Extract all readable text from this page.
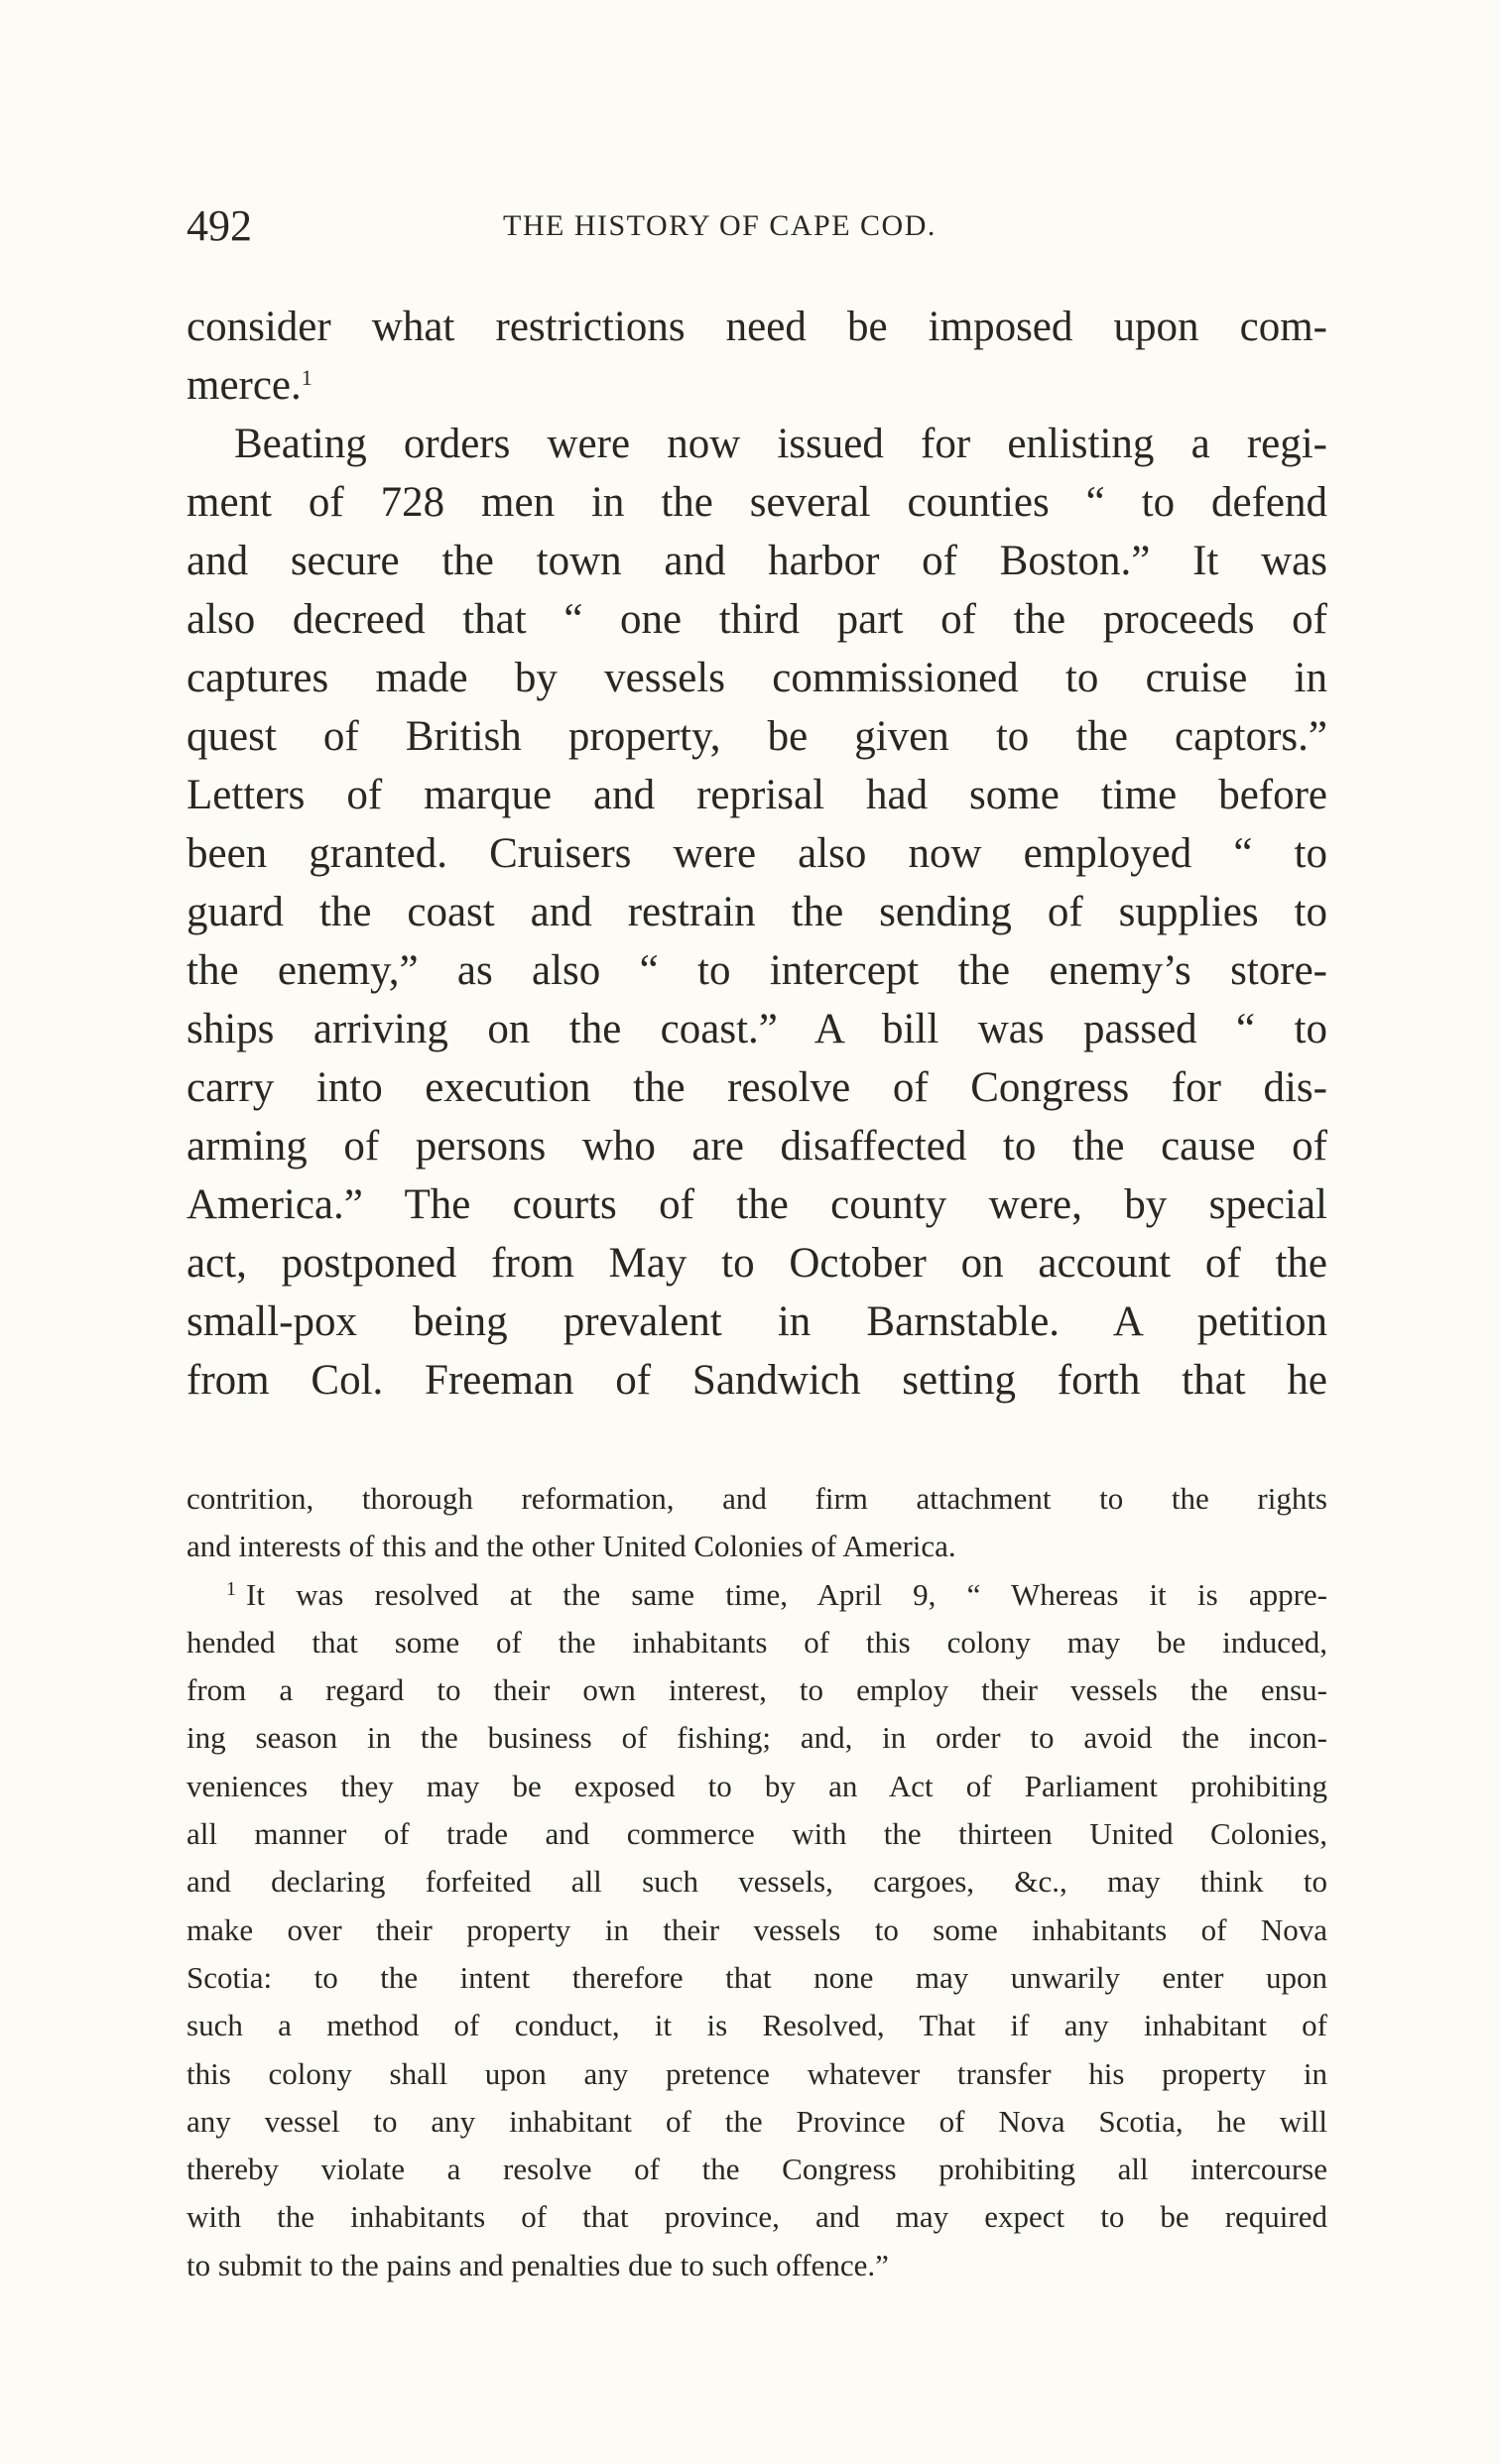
492	THE HISTORY OF CAPE COD.
consider what restrictions need be imposed upon com-
merce.$^1$
Beating orders were now issued for enlisting a regi-
ment of 728 men in the several counties “ to defend
and secure the town and harbor of Boston.” It was
also decreed that “ one third part of the proceeds of
captures made by vessels commissioned to cruise in
quest of British property, be given to the captors.”
Letters of marque and reprisal had some time before
been granted. Cruisers were also now employed “ to
guard the coast and restrain the sending of supplies to
the enemy,” as also “ to intercept the enemy’s store-
ships arriving on the coast.” A bill was passed “ to
carry into execution the resolve of Congress for dis-
arming of persons who are disaffected to the cause of
America.” The courts of the county were, by special
act, postponed from May to October on account of the
small-pox being prevalent in Barnstable. A petition
from Col. Freeman of Sandwich setting forth that he
contrition, thorough reformation, and firm attachment to the rights
and interests of this and the other United Colonies of America.
$^1$ It was resolved at the same time, April 9, “ Whereas it is appre-
hended that some of the inhabitants of this colony may be induced,
from a regard to their own interest, to employ their vessels the ensu-
ing season in the business of fishing; and, in order to avoid the incon-
veniences they may be exposed to by an Act of Parliament prohibiting
all manner of trade and commerce with the thirteen United Colonies,
and declaring forfeited all such vessels, cargoes, &c., may think to
make over their property in their vessels to some inhabitants of Nova
Scotia: to the intent therefore that none may unwarily enter upon
such a method of conduct, it is Resolved, That if any inhabitant of
this colony shall upon any pretence whatever transfer his property in
any vessel to any inhabitant of the Province of Nova Scotia, he will
thereby violate a resolve of the Congress prohibiting all intercourse
with the inhabitants of that province, and may expect to be required
to submit to the pains and penalties due to such offence.”
